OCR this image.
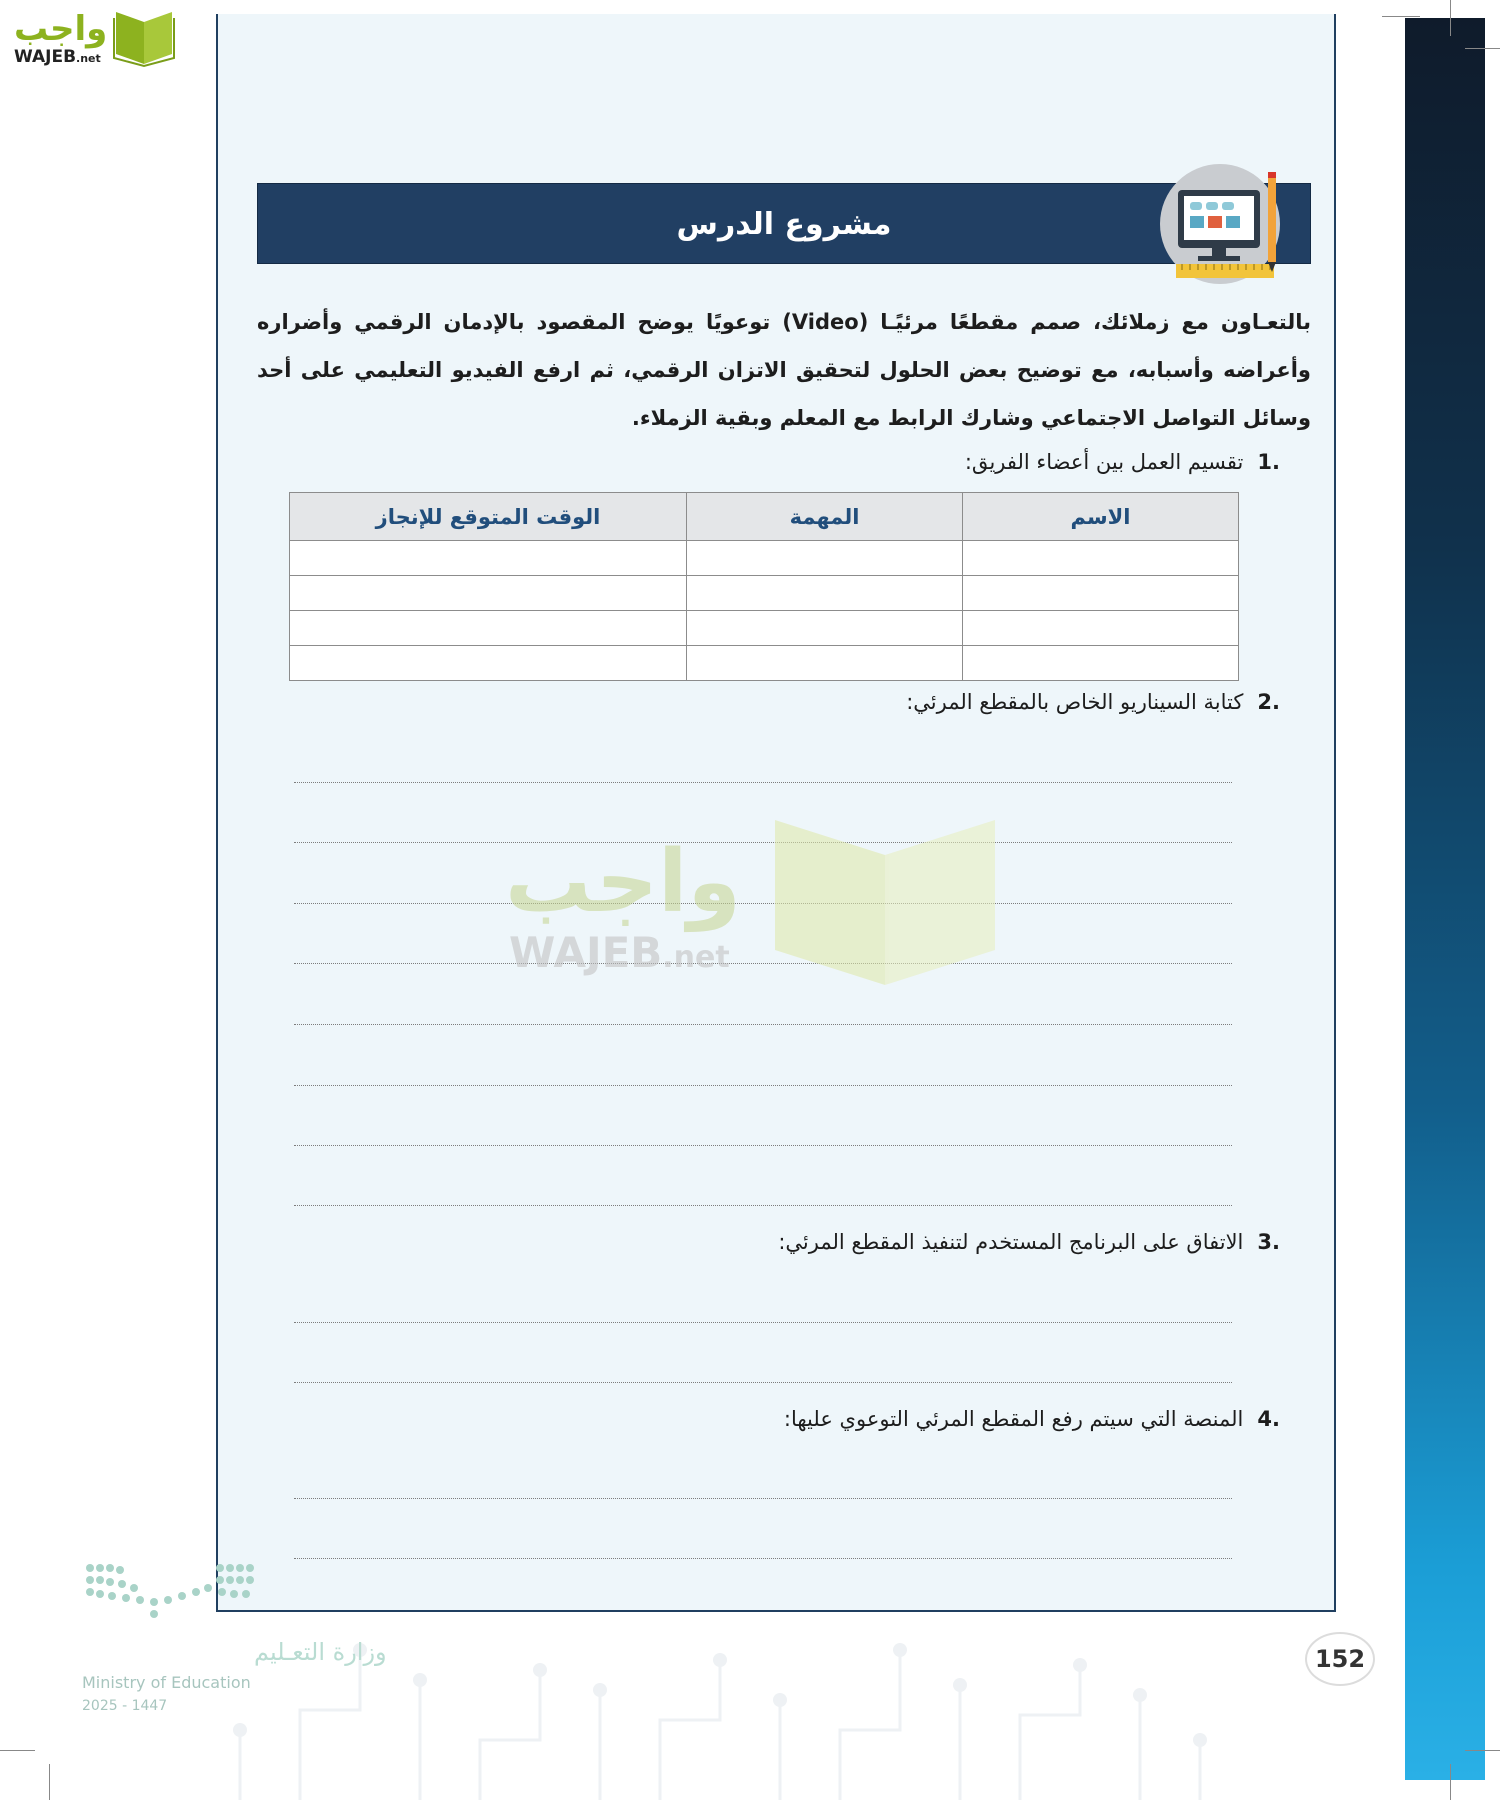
واجب
WAJEB.net
مشروع الدرس

بالتعـاون مع زملائك، صمم مقطعًا مرئيًـا (Video) توعويًا يوضح المقصود بالإدمان الرقمي وأضراره وأعراضه وأسبابه، مع توضيح بعض الحلول لتحقيق الاتزان الرقمي، ثم ارفع الفيديو التعليمي على أحد وسائل التواصل الاجتماعي وشارك الرابط مع المعلم وبقية الزملاء.

.1تقسيم العمل بين أعضاء الفريق:
الاسم	المهمة	الوقت المتوقع للإنجاز

.2كتابة السيناريو الخاص بالمقطع المرئي:
.3الاتفاق على البرنامج المستخدم لتنفيذ المقطع المرئي:
.4المنصة التي سيتم رفع المقطع المرئي التوعوي عليها:
واجب
WAJEB.net
وزارة التعـليم
Ministry of Education
2025 - 1447
152
